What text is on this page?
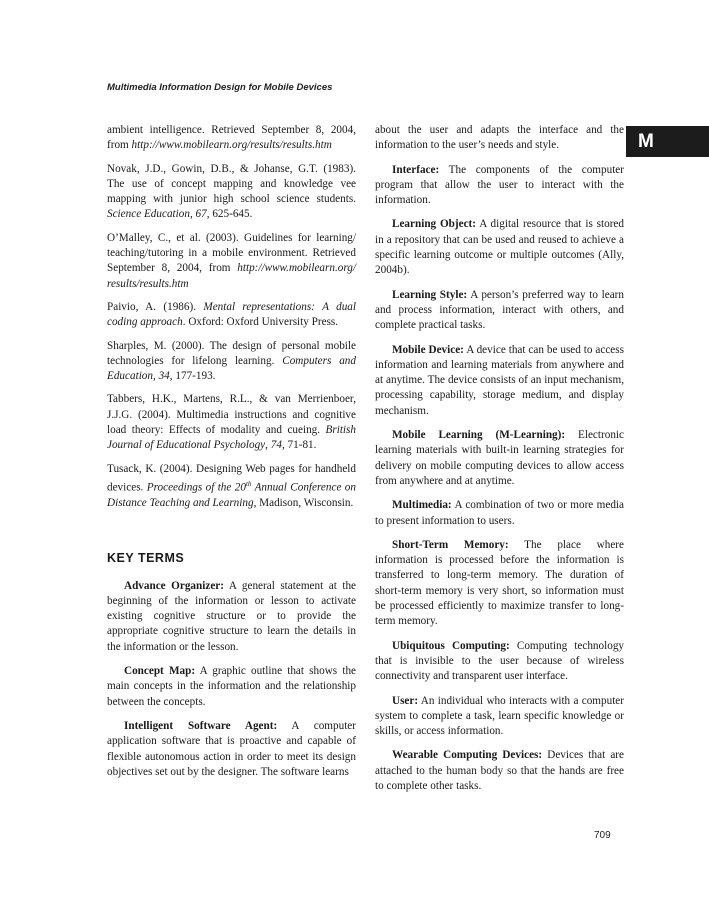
Multimedia Information Design for Mobile Devices
M

ambient intelligence. Retrieved September 8, 2004, from http://www.mobilearn.org/results/results.htm

Novak, J.D., Gowin, D.B., & Johanse, G.T. (1983). The use of concept mapping and knowledge vee mapping with junior high school science students. Science Education, 67, 625-645.

O’Malley, C., et al. (2003). Guidelines for learning/ teaching/tutoring in a mobile environment. Retrieved September 8, 2004, from http://www.mobilearn.org/ results/results.htm

Paivio, A. (1986). Mental representations: A dual coding approach. Oxford: Oxford University Press.

Sharples, M. (2000). The design of personal mobile technologies for lifelong learning. Computers and Education, 34, 177-193.

Tabbers, H.K., Martens, R.L., & van Merrienboer, J.J.G. (2004). Multimedia instructions and cognitive load theory: Effects of modality and cueing. British Journal of Educational Psychology, 74, 71-81.

Tusack, K. (2004). Designing Web pages for handheld devices. Proceedings of the 20th Annual Conference on Distance Teaching and Learning, Madison, Wisconsin.

KEY TERMS

Advance Organizer: A general statement at the beginning of the information or lesson to activate existing cognitive structure or to provide the appropriate cognitive structure to learn the details in the information or the lesson.

Concept Map: A graphic outline that shows the main concepts in the information and the relationship between the concepts.

Intelligent Software Agent: A computer application software that is proactive and capable of flexible autonomous action in order to meet its design objectives set out by the designer. The software learns

about the user and adapts the interface and the information to the user’s needs and style.

Interface: The components of the computer program that allow the user to interact with the information.

Learning Object: A digital resource that is stored in a repository that can be used and reused to achieve a specific learning outcome or multiple outcomes (Ally, 2004b).

Learning Style: A person’s preferred way to learn and process information, interact with others, and complete practical tasks.

Mobile Device: A device that can be used to access information and learning materials from anywhere and at anytime. The device consists of an input mechanism, processing capability, storage medium, and display mechanism.

Mobile Learning (M-Learning): Electronic learning materials with built-in learning strategies for delivery on mobile computing devices to allow access from anywhere and at anytime.

Multimedia: A combination of two or more media to present information to users.

Short-Term Memory: The place where information is processed before the information is transferred to long-term memory. The duration of short-term memory is very short, so information must be processed efficiently to maximize transfer to long-term memory.

Ubiquitous Computing: Computing technology that is invisible to the user because of wireless connectivity and transparent user interface.

User: An individual who interacts with a computer system to complete a task, learn specific knowledge or skills, or access information.

Wearable Computing Devices: Devices that are attached to the human body so that the hands are free to complete other tasks.

709
